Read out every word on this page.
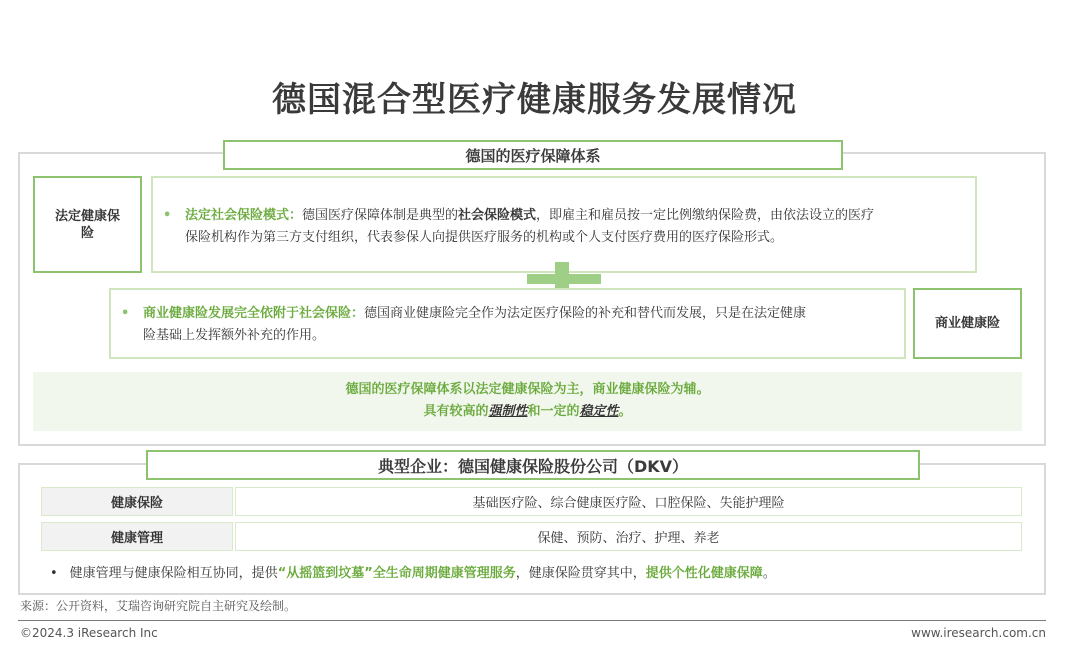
德国混合型医疗健康服务发展情况
德国的医疗保障体系
法定健康保险
• 法定社会保险模式：德国医疗保障体制是典型的社会保险模式，即雇主和雇员按一定比例缴纳保险费，由依法设立的医疗
保险机构作为第三方支付组织，代表参保人向提供医疗服务的机构或个人支付医疗费用的医疗保险形式。
• 商业健康险发展完全依附于社会保险：德国商业健康险完全作为法定医疗保险的补充和替代而发展，只是在法定健康
险基础上发挥额外补充的作用。
商业健康险
德国的医疗保障体系以法定健康保险为主，商业健康保险为辅。
具有较高的强制性和一定的稳定性。
典型企业：德国健康保险股份公司（DKV）
健康保险	基础医疗险、综合健康医疗险、口腔保险、失能护理险
健康管理	保健、预防、治疗、护理、养老
• 健康管理与健康保险相互协同，提供“从摇篮到坟墓”全生命周期健康管理服务，健康保险贯穿其中，提供个性化健康保障。
来源：公开资料，艾瑞咨询研究院自主研究及绘制。
©2024.3 iResearch Inc	www.iresearch.com.cn
